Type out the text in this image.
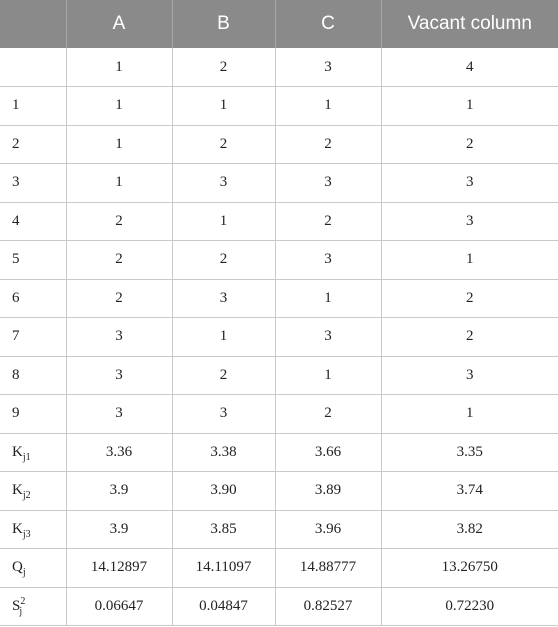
	A	B	C	Vacant column
	1	2	3	4
1	1	1	1	1
2	1	2	2	2
3	1	3	3	3
4	2	1	2	3
5	2	2	3	1
6	2	3	1	2
7	3	1	3	2
8	3	2	1	3
9	3	3	2	1
$K_{j1}$	3.36	3.38	3.66	3.35
$K_{j2}$	3.9	3.90	3.89	3.74
$K_{j3}$	3.9	3.85	3.96	3.82
$Q_j$	14.12897	14.11097	14.88777	13.26750
$S^2_j$	0.06647	0.04847	0.82527	0.72230
